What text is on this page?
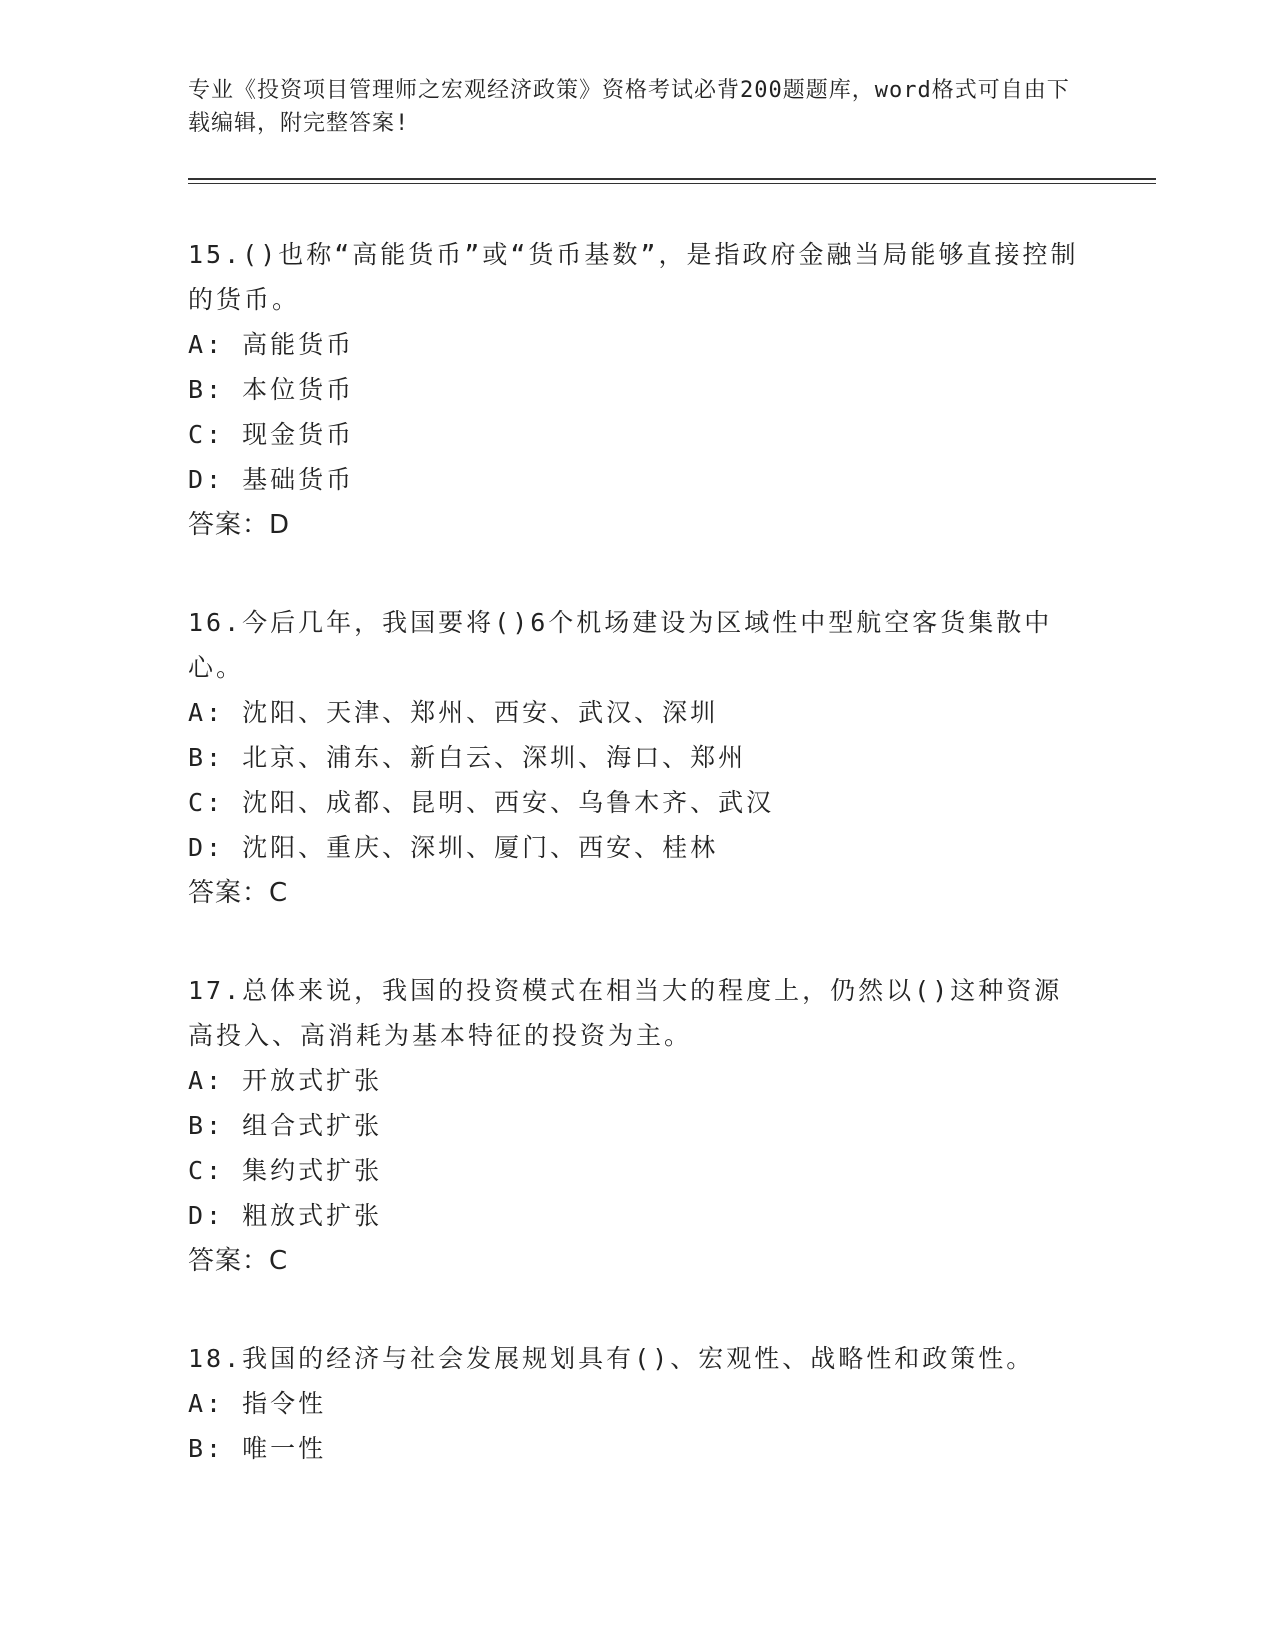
专业《投资项目管理师之宏观经济政策》资格考试必背200题题库，word格式可自由下载编辑，附完整答案!

15.()也称“高能货币”或“货币基数”，是指政府金融当局能够直接控制的货币。

A: 高能货币

B: 本位货币

C: 现金货币

D: 基础货币

答案：D

16.今后几年，我国要将()6个机场建设为区域性中型航空客货集散中心。

A: 沈阳、天津、郑州、西安、武汉、深圳

B: 北京、浦东、新白云、深圳、海口、郑州

C: 沈阳、成都、昆明、西安、乌鲁木齐、武汉

D: 沈阳、重庆、深圳、厦门、西安、桂林

答案：C

17.总体来说，我国的投资模式在相当大的程度上，仍然以()这种资源高投入、高消耗为基本特征的投资为主。

A: 开放式扩张

B: 组合式扩张

C: 集约式扩张

D: 粗放式扩张

答案：C

18.我国的经济与社会发展规划具有()、宏观性、战略性和政策性。

A: 指令性

B: 唯一性
